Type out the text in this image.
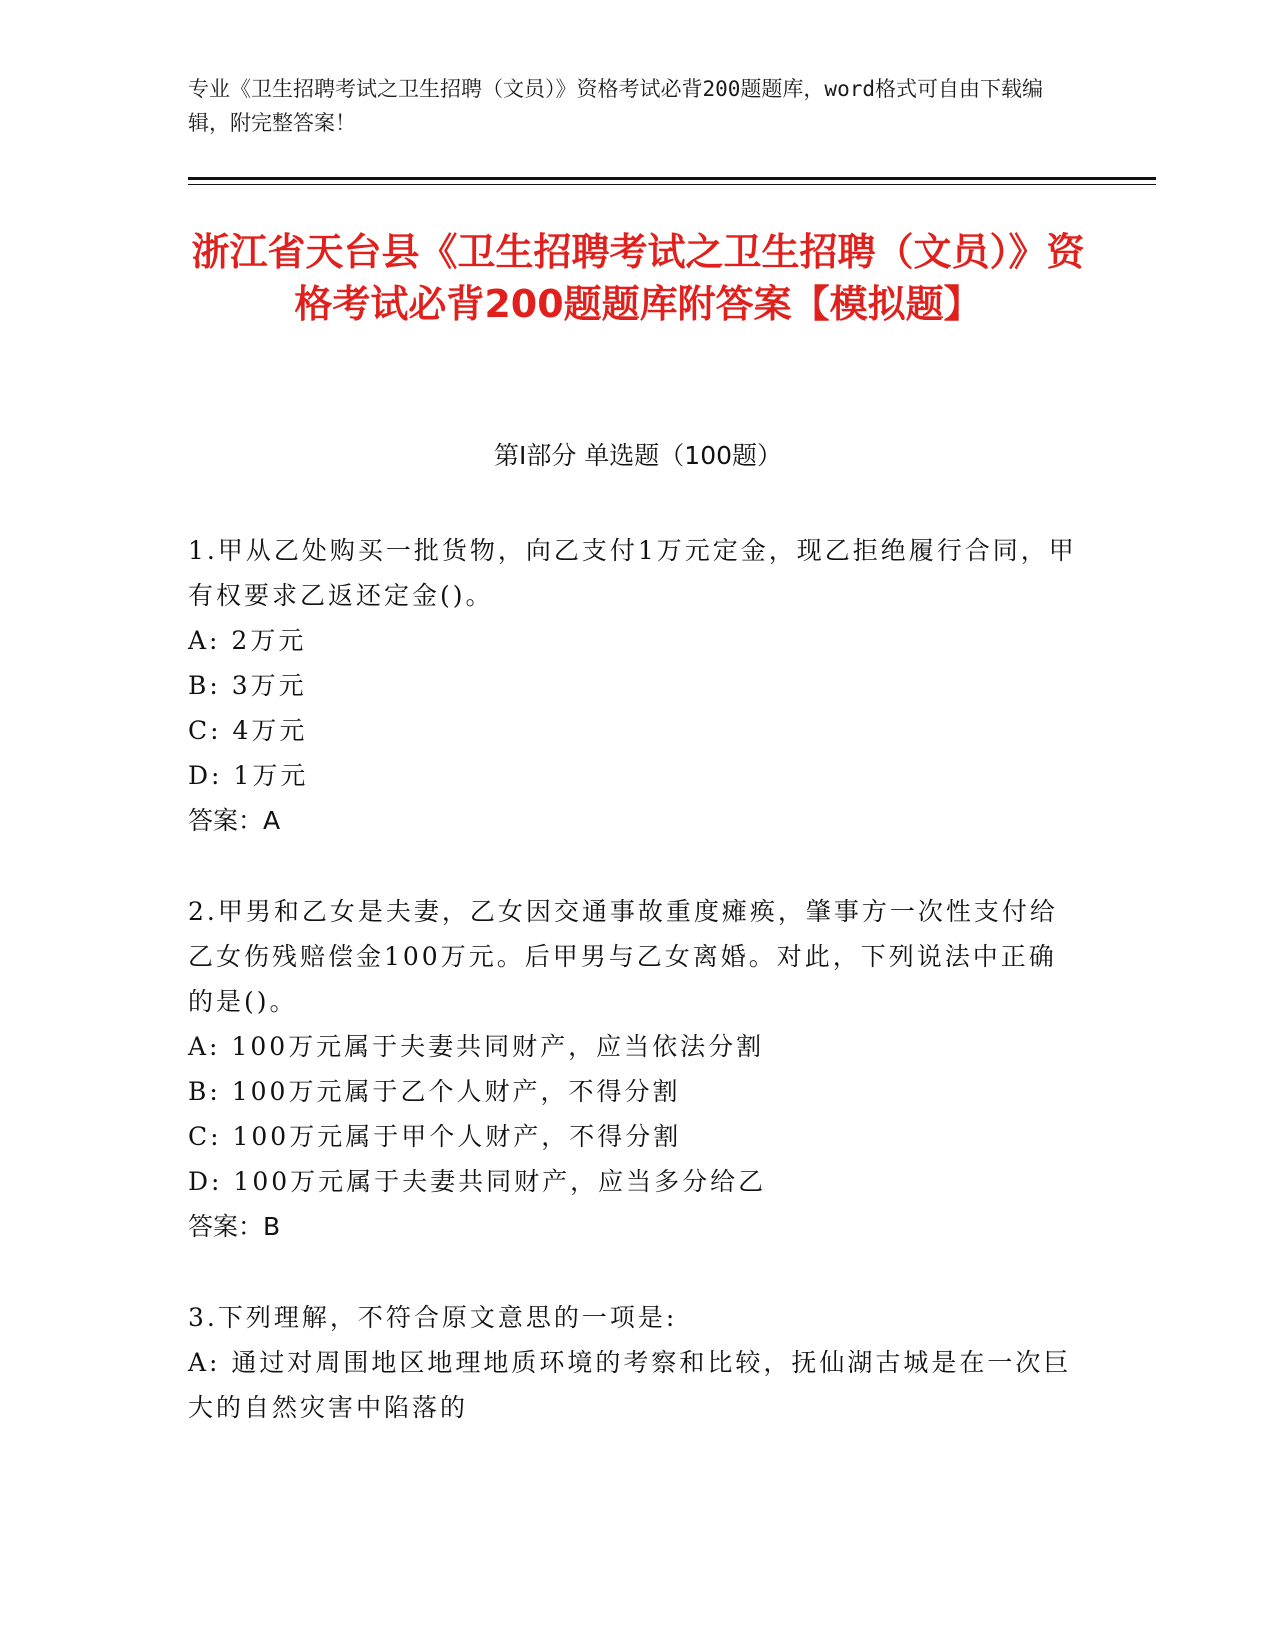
专业《卫生招聘考试之卫生招聘（文员）》资格考试必背200题题库，word格式可自由下载编辑，附完整答案！
浙江省天台县《卫生招聘考试之卫生招聘（文员）》资格考试必背200题题库附答案【模拟题】
第Ⅰ部分 单选题（100题）
1.甲从乙处购买一批货物，向乙支付1万元定金，现乙拒绝履行合同，甲有权要求乙返还定金()。
A: 2万元
B: 3万元
C: 4万元
D: 1万元
答案：A
2.甲男和乙女是夫妻，乙女因交通事故重度瘫痪，肇事方一次性支付给乙女伤残赔偿金100万元。后甲男与乙女离婚。对此，下列说法中正确的是()。
A: 100万元属于夫妻共同财产，应当依法分割
B: 100万元属于乙个人财产，不得分割
C: 100万元属于甲个人财产，不得分割
D: 100万元属于夫妻共同财产，应当多分给乙
答案：B
3.下列理解，不符合原文意思的一项是:
A: 通过对周围地区地理地质环境的考察和比较，抚仙湖古城是在一次巨大的自然灾害中陷落的
